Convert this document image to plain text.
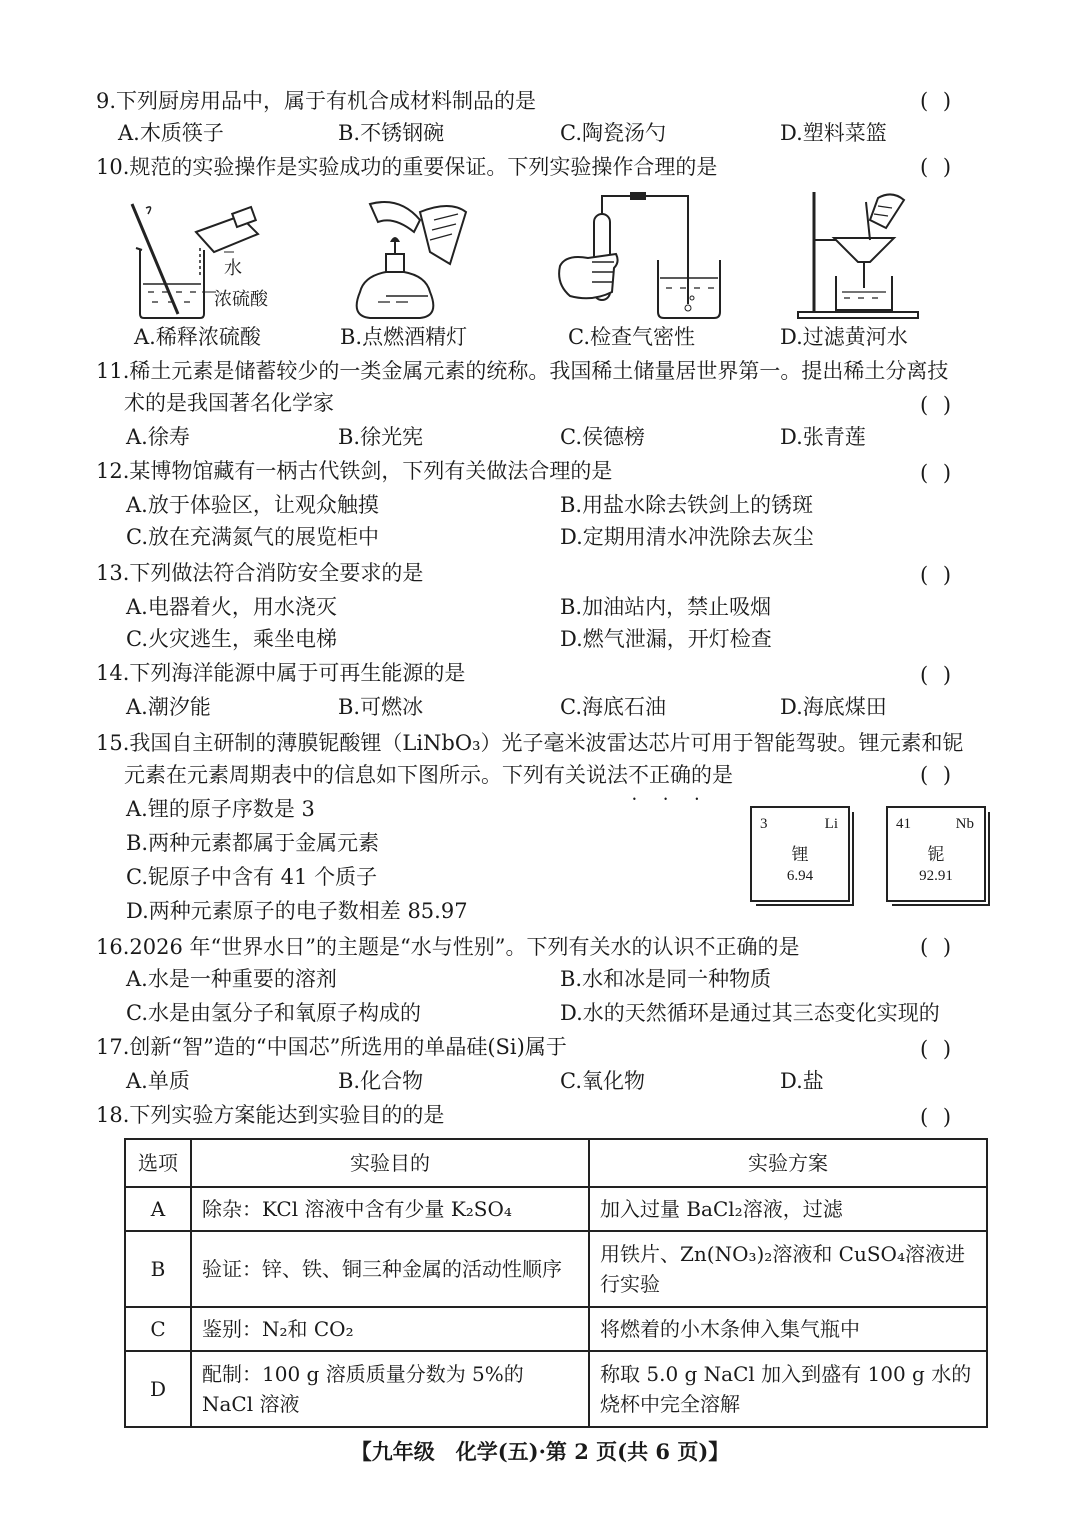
9.下列厨房用品中，属于有机合成材料制品的是	( )
A.木质筷子	B.不锈钢碗	C.陶瓷汤勺	D.塑料菜篮
10.规范的实验操作是实验成功的重要保证。下列实验操作合理的是	( )
水
浓硫酸
A.稀释浓硫酸	B.点燃酒精灯	C.检查气密性	D.过滤黄河水
11.稀土元素是储蓄较少的一类金属元素的统称。我国稀土储量居世界第一。提出稀土分离技
术的是我国著名化学家	( )
A.徐寿	B.徐光宪	C.侯德榜	D.张青莲
12.某博物馆藏有一柄古代铁剑，下列有关做法合理的是	( )
A.放于体验区，让观众触摸	B.用盐水除去铁剑上的锈斑
C.放在充满氮气的展览柜中	D.定期用清水冲洗除去灰尘
13.下列做法符合消防安全要求的是	( )
A.电器着火，用水浇灭	B.加油站内，禁止吸烟
C.火灾逃生，乘坐电梯	D.燃气泄漏，开灯检查
14.下列海洋能源中属于可再生能源的是	( )
A.潮汐能	B.可燃冰	C.海底石油	D.海底煤田
15.我国自主研制的薄膜铌酸锂（LiNbO₃）光子毫米波雷达芯片可用于智能驾驶。锂元素和铌
元素在元素周期表中的信息如下图所示。下列有关说法不正确 • • •的是	( )
A.锂的原子序数是 3
B.两种元素都属于金属元素
C.铌原子中含有 41 个质子
D.两种元素原子的电子数相差 85.97
3	Li
锂
6.94
41	Nb
铌
92.91
16.2026 年“世界水日”的主题是“水与性别”。下列有关水的认识不正确 • • •的是	( )
A.水是一种重要的溶剂	B.水和冰是同一种物质
C.水是由氢分子和氧原子构成的	D.水的天然循环是通过其三态变化实现的
17.创新“智”造的“中国芯”所选用的单晶硅(Si)属于	( )
A.单质	B.化合物	C.氧化物	D.盐
18.下列实验方案能达到实验目的的是	( )
选项	实验目的	实验方案
A	除杂：KCl 溶液中含有少量 K₂SO₄	加入过量 BaCl₂溶液，过滤
B	验证：锌、铁、铜三种金属的活动性顺序	用铁片、Zn(NO₃)₂溶液和 CuSO₄溶液进行实验
C	鉴别：N₂和 CO₂	将燃着的小木条伸入集气瓶中
D	配制：100 g 溶质质量分数为 5%的 NaCl 溶液	称取 5.0 g NaCl 加入到盛有 100 g 水的烧杯中完全溶解
【九年级　化学(五)·第 2 页(共 6 页)】
